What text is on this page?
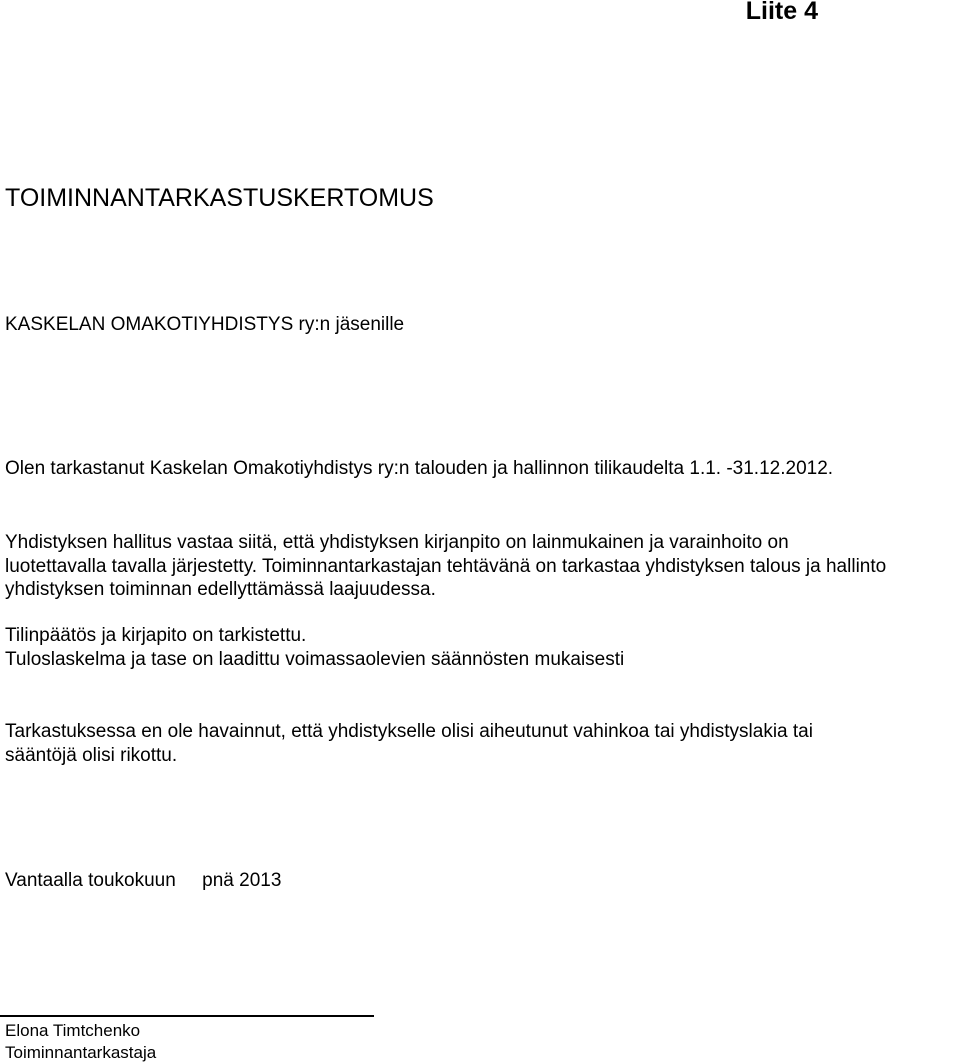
Liite 4

TOIMINNANTARKASTUSKERTOMUS

KASKELAN OMAKOTIYHDISTYS ry:n jäsenille

Olen tarkastanut Kaskelan Omakotiyhdistys ry:n talouden ja hallinnon tilikaudelta 1.1. -31.12.2012.
Yhdistyksen hallitus vastaa siitä, että yhdistyksen kirjanpito on lainmukainen ja varainhoito on
luotettavalla tavalla järjestetty. Toiminnantarkastajan tehtävänä on tarkastaa yhdistyksen talous ja hallinto
yhdistyksen toiminnan edellyttämässä laajuudessa.
Tilinpäätös ja kirjapito on tarkistettu.
Tuloslaskelma ja tase on laadittu voimassaolevien säännösten mukaisesti
Tarkastuksessa en ole havainnut, että yhdistykselle olisi aiheutunut vahinkoa tai yhdistyslakia tai
sääntöjä olisi rikottu.

Vantaalla toukokuun     pnä 2013

Elona Timtchenko

Toiminnantarkastaja
